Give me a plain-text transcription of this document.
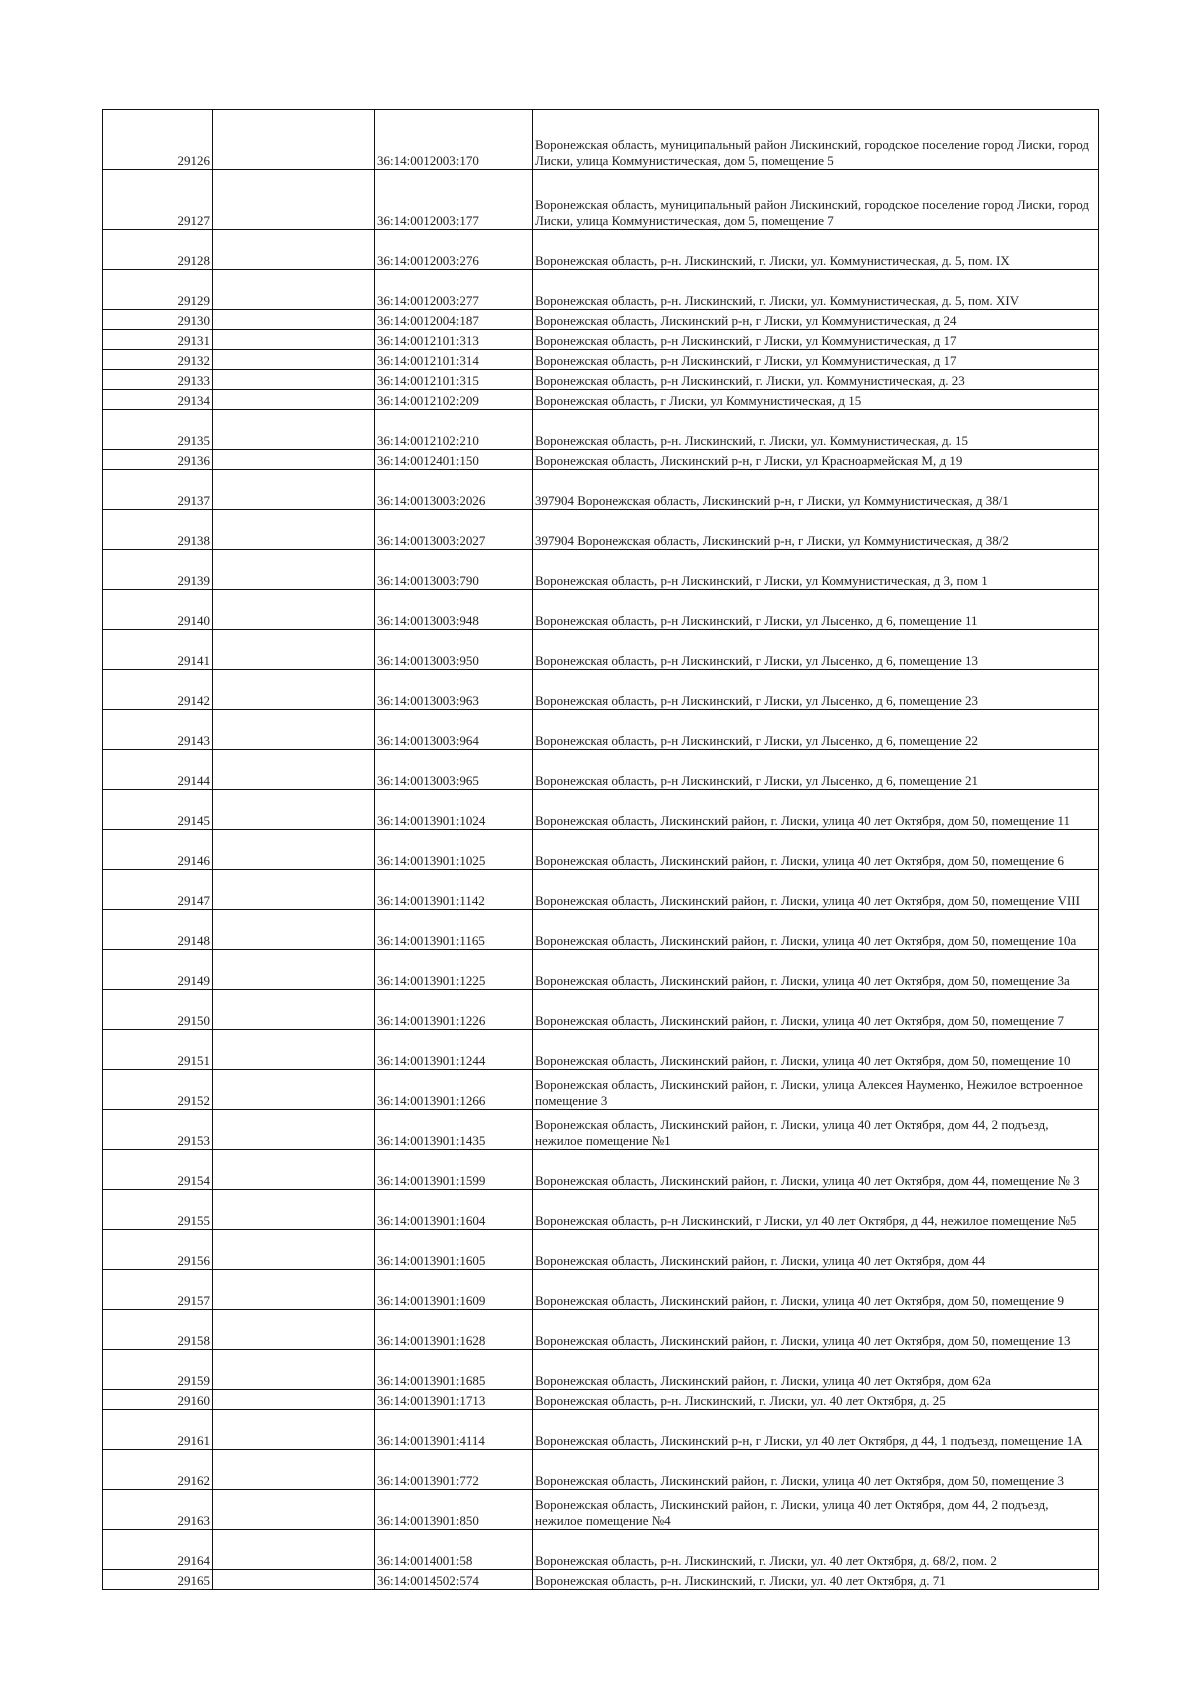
29126		36:14:0012003:170	Воронежская область, муниципальный район Лискинский, городское поселение город Лиски, город Лиски, улица Коммунистическая, дом 5, помещение 5
29127		36:14:0012003:177	Воронежская область, муниципальный район Лискинский, городское поселение город Лиски, город Лиски, улица Коммунистическая, дом 5, помещение 7
29128		36:14:0012003:276	Воронежская область, р-н. Лискинский, г. Лиски, ул. Коммунистическая, д. 5, пом. IX
29129		36:14:0012003:277	Воронежская область, р-н. Лискинский, г. Лиски, ул. Коммунистическая, д. 5, пом. XIV
29130		36:14:0012004:187	Воронежская область, Лискинский р-н, г Лиски, ул Коммунистическая, д 24
29131		36:14:0012101:313	Воронежская область, р-н Лискинский, г Лиски, ул Коммунистическая, д 17
29132		36:14:0012101:314	Воронежская область, р-н Лискинский, г Лиски, ул Коммунистическая, д 17
29133		36:14:0012101:315	Воронежская область, р-н Лискинский, г. Лиски, ул. Коммунистическая, д. 23
29134		36:14:0012102:209	Воронежская область, г Лиски, ул Коммунистическая, д 15
29135		36:14:0012102:210	Воронежская область, р-н. Лискинский, г. Лиски, ул. Коммунистическая, д. 15
29136		36:14:0012401:150	Воронежская область, Лискинский р-н, г Лиски, ул Красноармейская М, д 19
29137		36:14:0013003:2026	397904 Воронежская область, Лискинский р-н, г Лиски, ул Коммунистическая, д 38/1
29138		36:14:0013003:2027	397904 Воронежская область, Лискинский р-н, г Лиски, ул Коммунистическая, д 38/2
29139		36:14:0013003:790	Воронежская область, р-н Лискинский, г Лиски, ул Коммунистическая, д 3, пом 1
29140		36:14:0013003:948	Воронежская область, р-н Лискинский, г Лиски, ул Лысенко, д 6, помещение 11
29141		36:14:0013003:950	Воронежская область, р-н Лискинский, г Лиски, ул Лысенко, д 6, помещение 13
29142		36:14:0013003:963	Воронежская область, р-н Лискинский, г Лиски, ул Лысенко, д 6, помещение 23
29143		36:14:0013003:964	Воронежская область, р-н Лискинский, г Лиски, ул Лысенко, д 6, помещение 22
29144		36:14:0013003:965	Воронежская область, р-н Лискинский, г Лиски, ул Лысенко, д 6, помещение 21
29145		36:14:0013901:1024	Воронежская область, Лискинский район, г. Лиски, улица 40 лет Октября, дом 50, помещение 11
29146		36:14:0013901:1025	Воронежская область, Лискинский район, г. Лиски, улица 40 лет Октября, дом 50, помещение 6
29147		36:14:0013901:1142	Воронежская область, Лискинский район, г. Лиски, улица 40 лет Октября, дом 50, помещение VIII
29148		36:14:0013901:1165	Воронежская область, Лискинский район, г. Лиски, улица 40 лет Октября, дом 50, помещение 10а
29149		36:14:0013901:1225	Воронежская область, Лискинский район, г. Лиски, улица 40 лет Октября, дом 50, помещение 3а
29150		36:14:0013901:1226	Воронежская область, Лискинский район, г. Лиски, улица 40 лет Октября, дом 50, помещение 7
29151		36:14:0013901:1244	Воронежская область, Лискинский район, г. Лиски, улица 40 лет Октября, дом 50, помещение 10
29152		36:14:0013901:1266	Воронежская область, Лискинский район, г. Лиски, улица Алексея Науменко, Нежилое встроенное помещение 3
29153		36:14:0013901:1435	Воронежская область, Лискинский район, г. Лиски, улица 40 лет Октября, дом 44, 2 подъезд, нежилое помещение №1
29154		36:14:0013901:1599	Воронежская область, Лискинский район, г. Лиски, улица 40 лет Октября, дом 44, помещение № 3
29155		36:14:0013901:1604	Воронежская область, р-н Лискинский, г Лиски, ул 40 лет Октября, д 44, нежилое помещение №5
29156		36:14:0013901:1605	Воронежская область, Лискинский район, г. Лиски, улица 40 лет Октября, дом 44
29157		36:14:0013901:1609	Воронежская область, Лискинский район, г. Лиски, улица 40 лет Октября, дом 50, помещение 9
29158		36:14:0013901:1628	Воронежская область, Лискинский район, г. Лиски, улица 40 лет Октября, дом 50, помещение 13
29159		36:14:0013901:1685	Воронежская область, Лискинский район, г. Лиски, улица 40 лет Октября, дом 62а
29160		36:14:0013901:1713	Воронежская область, р-н. Лискинский, г. Лиски, ул. 40 лет Октября, д. 25
29161		36:14:0013901:4114	Воронежская область, Лискинский р-н, г Лиски, ул 40 лет Октября, д 44, 1 подъезд, помещение 1А
29162		36:14:0013901:772	Воронежская область, Лискинский район, г. Лиски, улица 40 лет Октября, дом 50, помещение 3
29163		36:14:0013901:850	Воронежская область, Лискинский район, г. Лиски, улица 40 лет Октября, дом 44, 2 подъезд, нежилое помещение №4
29164		36:14:0014001:58	Воронежская область, р-н. Лискинский, г. Лиски, ул. 40 лет Октября, д. 68/2, пом. 2
29165		36:14:0014502:574	Воронежская область, р-н. Лискинский, г. Лиски, ул. 40 лет Октября, д. 71
